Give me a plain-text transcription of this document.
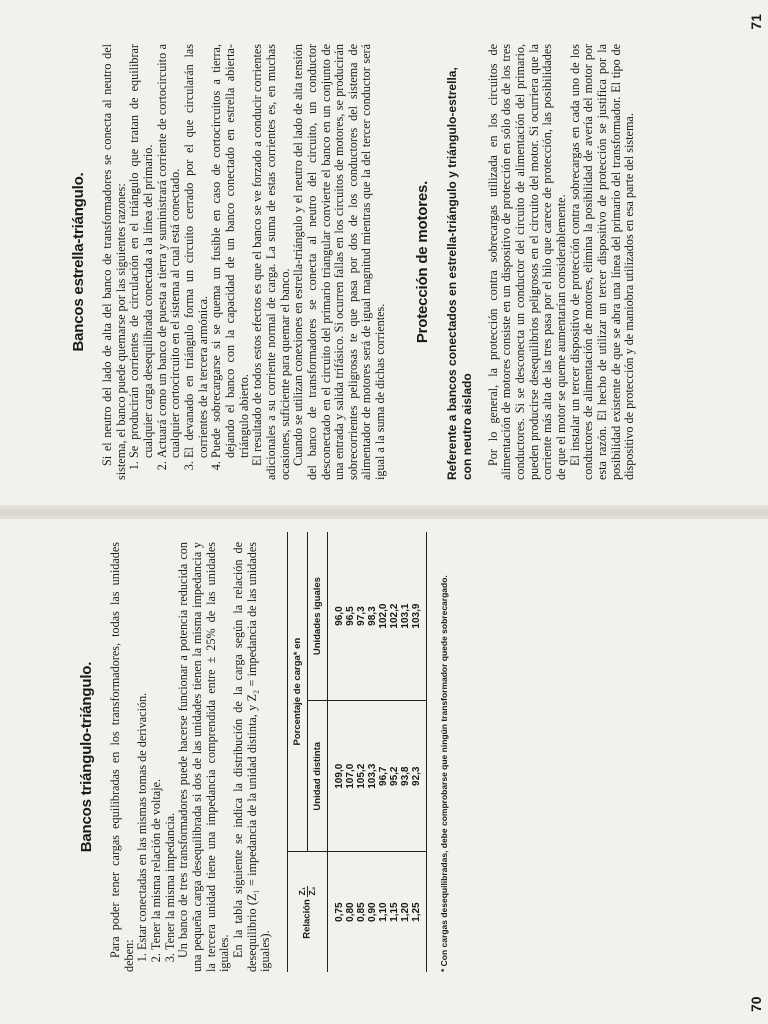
Bancos triángulo-triángulo. Para poder tener cargas equilibradas en los transformadores, todas las unidades deben:

1. Estar conectadas en las mismas tomas de derivación. 2. Tener la misma relación de voltaje. 3. Tener la misma impedancia. Un banco de tres transformadores puede hacerse funcionar a potencia reducida con una pequeña carga desequilibrada si dos de las unidades tienen la misma impedancia y la tercera unidad tiene una impedancia comprendida entre ± 25% de las unidades iguales. En la tabla siguiente se indica la distribución de la carga según la relación de desequilibrio (Z₁ = impedancia de la unidad distinta, y Z₂ = impedancia de las unidades iguales).

Relación
Z₁ Z₂	Porcentaje de carga* en	
	Unidad distinta	Unidades iguales
0,75	109,0	96,0
0,80	107,0	96,5
0,85	105,2	97,3
0,90	103,3	98,3
1,10	96,7	102,0
1,15	95,2	102,2
1,20	93,8	103,1
1,25	92,3	103,9 * Con cargas desequilibradas, debe comprobarse que ningún transformador quede sobrecargado.
70
Bancos estrella-triángulo. Si el neutro del lado de alta del banco de transformadores se conecta al neutro del sistema, el banco puede quemarse por las siguientes razones: 1. Se producirán corrientes de circulación en el triángulo que tratan de equilibrar cualquier carga desequilibrada conectada a la línea del primario. 2. Actuará como un banco de puesta a tierra y suministrará corriente de cortocircuito a cualquier cortocircuito en el sistema al cual está conectado. 3. El devanado en triángulo forma un circuito cerrado por el que circularán las corrientes de la tercera armónica. 4. Puede sobrecargarse si se quema un fusible en caso de cortocircuitos a tierra, dejando el banco con la capacidad de un banco conectado en estrella abierta-triángulo abierto. El resultado de todos estos efectos es que el banco se ve forzado a conducir corrientes adicionales a su corriente normal de carga. La suma de estas corrientes es, en muchas ocasiones, suficiente para quemar el banco. Cuando se utilizan conexiones en estrella-triángulo y el neutro del lado de alta tensión del banco de transformadores se conecta al neutro del circuito, un conductor desconectado en el circuito del primario triangular convierte el banco en un conjunto de una entrada y salida trifásico. Si ocurren fallas en los circuitos de motores, se producirán sobrecorrientes peligrosas te que pasa por dos de los conductores del sistema de alimentador de motores será de igual magnitud mientras que la del tercer conductor será igual a la suma de dichas corrientes.

Protección de motores. Referente a bancos conectados en estrella-triángulo y triángulo-estrella, con neutro aislado Por lo general, la protección contra sobrecargas utilizada en los circuitos de alimentación de motores consiste en un dispositivo de protección en sólo dos de los tres conductores. Si se desconecta un conductor del circuito de alimentación del primario, pueden producirse desequilibrios peligrosos en el circuito del motor. Si ocurriera que la corriente más alta de las tres pasa por el hilo que carece de protección, las posibilidades de que el motor se queme aumentarían considerablemente. El instalar un tercer dispositivo de protección contra sobrecargas en cada uno de los conductores de alimentación de motores, elimina la posibilidad de avería del motor por esta razón. El hecho de utilizar un tercer dispositivo de protección se justifica por la posibilidad existente de que se abra una línea del primario del transformador. El tipo de dispositivo de protección y de maniobra utilizados en esa parte del sistema.

71
